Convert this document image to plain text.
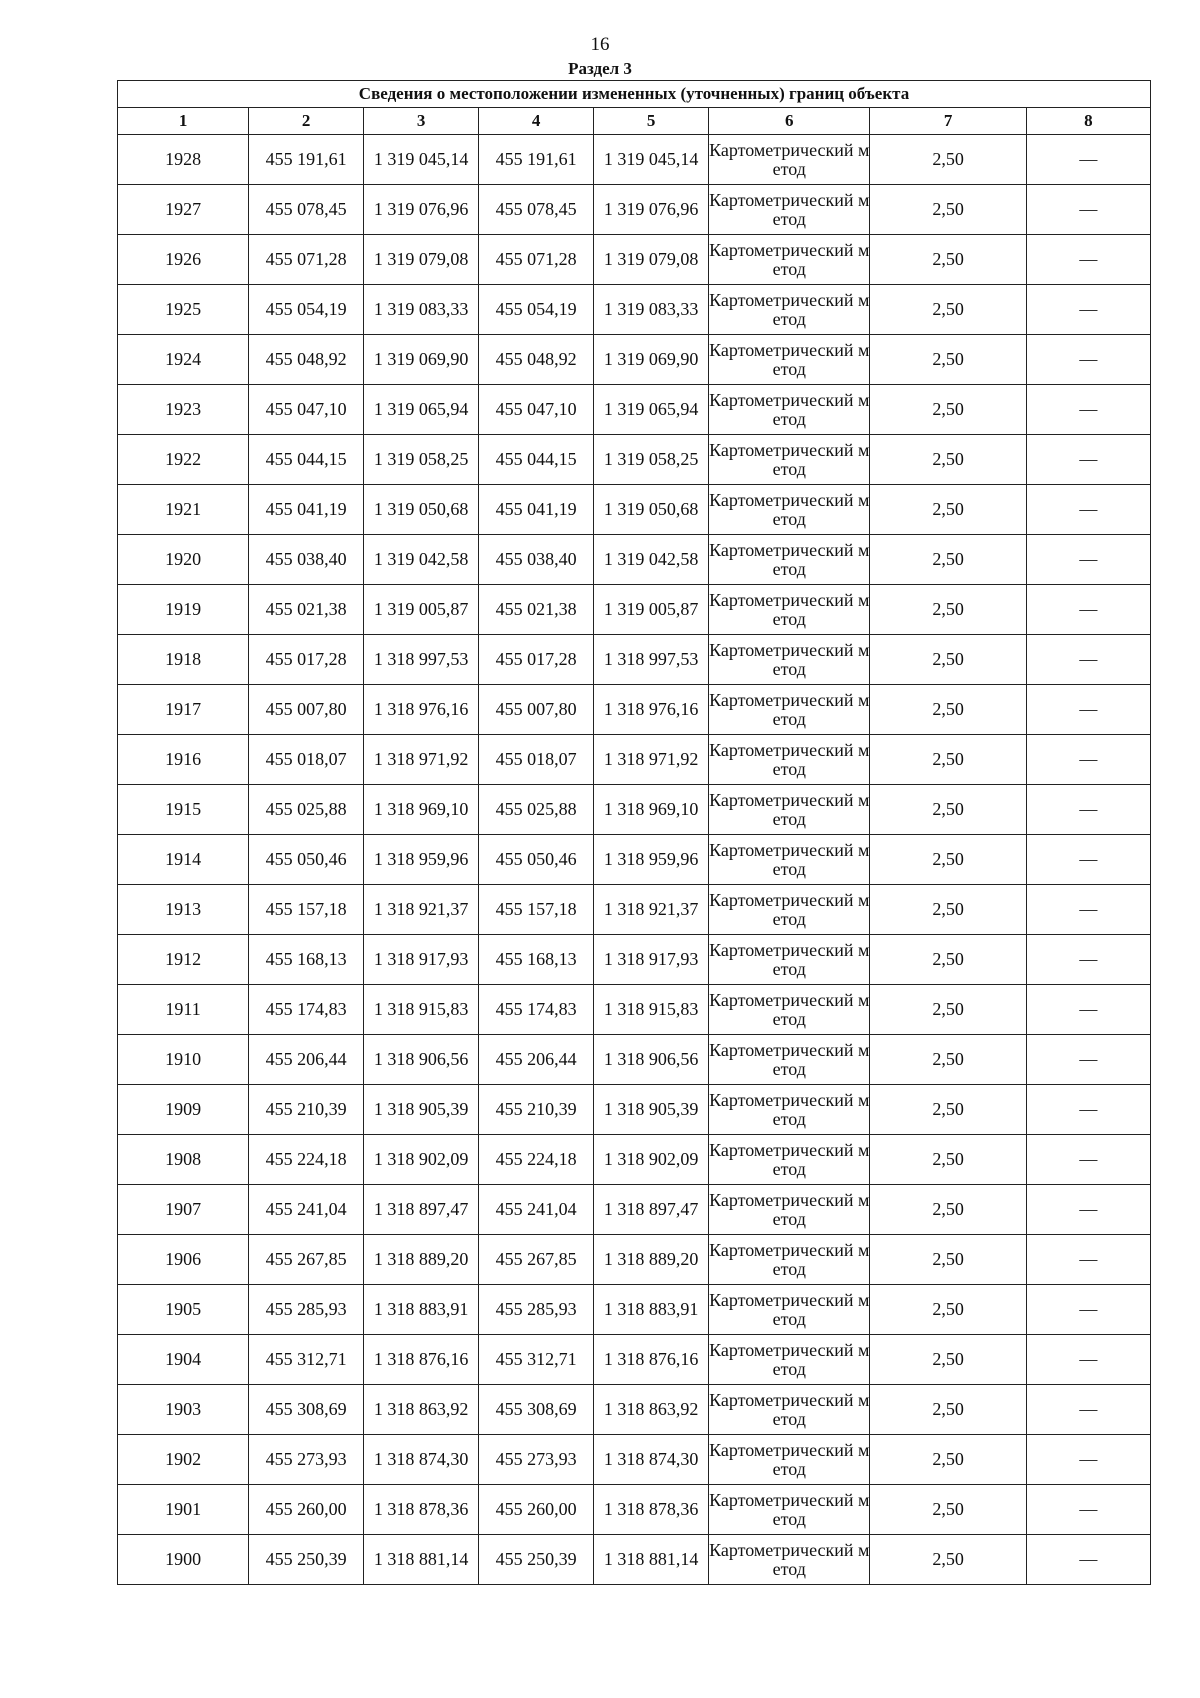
16
Раздел 3
Сведения о местоположении измененных (уточненных) границ объекта							
1	2	3	4	5	6	7	8
1928	455 191,61	1 319 045,14	455 191,61	1 319 045,14	Картометрический метод	2,50	—
1927	455 078,45	1 319 076,96	455 078,45	1 319 076,96	Картометрический метод	2,50	—
1926	455 071,28	1 319 079,08	455 071,28	1 319 079,08	Картометрический метод	2,50	—
1925	455 054,19	1 319 083,33	455 054,19	1 319 083,33	Картометрический метод	2,50	—
1924	455 048,92	1 319 069,90	455 048,92	1 319 069,90	Картометрический метод	2,50	—
1923	455 047,10	1 319 065,94	455 047,10	1 319 065,94	Картометрический метод	2,50	—
1922	455 044,15	1 319 058,25	455 044,15	1 319 058,25	Картометрический метод	2,50	—
1921	455 041,19	1 319 050,68	455 041,19	1 319 050,68	Картометрический метод	2,50	—
1920	455 038,40	1 319 042,58	455 038,40	1 319 042,58	Картометрический метод	2,50	—
1919	455 021,38	1 319 005,87	455 021,38	1 319 005,87	Картометрический метод	2,50	—
1918	455 017,28	1 318 997,53	455 017,28	1 318 997,53	Картометрический метод	2,50	—
1917	455 007,80	1 318 976,16	455 007,80	1 318 976,16	Картометрический метод	2,50	—
1916	455 018,07	1 318 971,92	455 018,07	1 318 971,92	Картометрический метод	2,50	—
1915	455 025,88	1 318 969,10	455 025,88	1 318 969,10	Картометрический метод	2,50	—
1914	455 050,46	1 318 959,96	455 050,46	1 318 959,96	Картометрический метод	2,50	—
1913	455 157,18	1 318 921,37	455 157,18	1 318 921,37	Картометрический метод	2,50	—
1912	455 168,13	1 318 917,93	455 168,13	1 318 917,93	Картометрический метод	2,50	—
1911	455 174,83	1 318 915,83	455 174,83	1 318 915,83	Картометрический метод	2,50	—
1910	455 206,44	1 318 906,56	455 206,44	1 318 906,56	Картометрический метод	2,50	—
1909	455 210,39	1 318 905,39	455 210,39	1 318 905,39	Картометрический метод	2,50	—
1908	455 224,18	1 318 902,09	455 224,18	1 318 902,09	Картометрический метод	2,50	—
1907	455 241,04	1 318 897,47	455 241,04	1 318 897,47	Картометрический метод	2,50	—
1906	455 267,85	1 318 889,20	455 267,85	1 318 889,20	Картометрический метод	2,50	—
1905	455 285,93	1 318 883,91	455 285,93	1 318 883,91	Картометрический метод	2,50	—
1904	455 312,71	1 318 876,16	455 312,71	1 318 876,16	Картометрический метод	2,50	—
1903	455 308,69	1 318 863,92	455 308,69	1 318 863,92	Картометрический метод	2,50	—
1902	455 273,93	1 318 874,30	455 273,93	1 318 874,30	Картометрический метод	2,50	—
1901	455 260,00	1 318 878,36	455 260,00	1 318 878,36	Картометрический метод	2,50	—
1900	455 250,39	1 318 881,14	455 250,39	1 318 881,14	Картометрический метод	2,50	—
